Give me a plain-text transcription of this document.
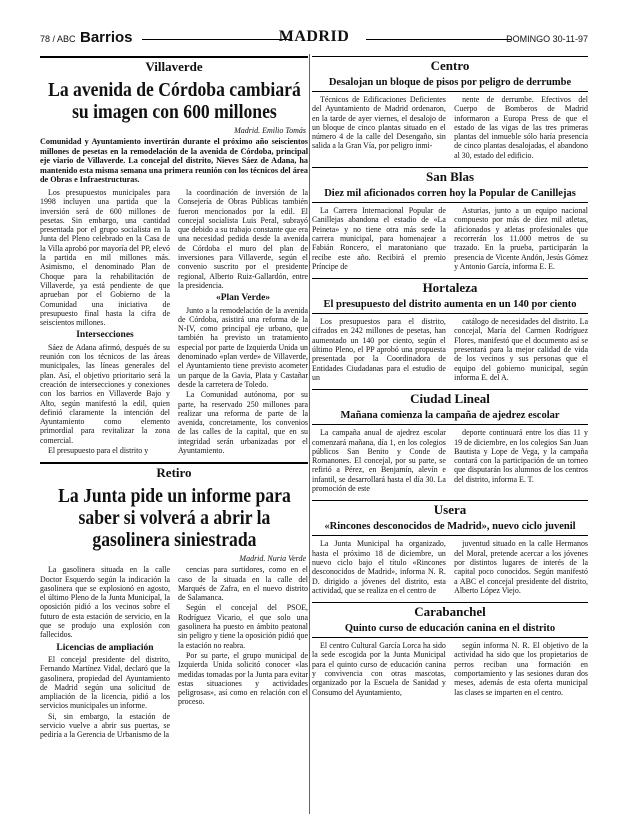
78 / ABC Barrios	MADRID	DOMINGO 30-11-97
Villaverde
La avenida de Córdoba cambiará su imagen con 600 millones
Madrid. Emilio Tomás

Comunidad y Ayuntamiento invertirán durante el próximo año seiscientos millones de pesetas en la remodelación de la avenida de Córdoba, principal eje viario de Villaverde. La concejal del distrito, Nieves Sáez de Adana, ha mantenido esta misma semana una primera reunión con los técnicos del área de Obras e Infraestructuras.

Los presupuestos municipales para 1998 incluyen una partida que la inversión será de 600 millones de pesetas. Sin embargo, una cantidad presentada por el grupo socialista en la Junta del Pleno celebrado en la Casa de la Villa aprobó por mayoría del PP, elevó la partida en mil millones más. Asimismo, el denominado Plan de Choque para la rehabilitación de Villaverde, ya está pendiente de que aprueban por el Gobierno de la Comunidad una iniciativa de presupuesto final hasta la cifra de seiscientos millones.

Intersecciones

Sáez de Adana afirmó, después de su reunión con los técnicos de las áreas municipales, las líneas generales del plan. Así, el objetivo prioritario será la creación de intersecciones y conexiones con los barrios en Villaverde Bajo y Alto, según manifestó la edil, quien definió claramente la intención del Ayuntamiento como elemento primordial para revitalizar la zona comercial.

El presupuesto para el distrito y

la coordinación de inversión de la Consejería de Obras Públicas también fueron mencionados por la edil. El concejal socialista Luis Peral, subrayó que debido a su trabajo constante que era una necesidad pedida desde la avenida de Córdoba el muro del plan de inversiones para Villaverde, según el convenio suscrito por el presidente regional, Alberto Ruiz-Gallardón, entre la presidencia.

«Plan Verde»

Junto a la remodelación de la avenida de Córdoba, asistirá una reforma de la N-IV, como principal eje urbano, que también ha previsto un tratamiento especial por parte de Izquierda Unida un denominado «plan verde» de Villaverde, el Ayuntamiento tiene previsto acometer un parque de la Gavia, Plata y Castañar desde la carretera de Toledo.

La Comunidad autónoma, por su parte, ha reservado 250 millones para realizar una reforma de parte de la avenida, concretamente, los convenios de las calles de la capital, que en su integridad serán urbanizadas por el Ayuntamiento.

Retiro
La Junta pide un informe para saber si volverá a abrir la gasolinera siniestrada
Madrid. Nuria Verde

La gasolinera situada en la calle Doctor Esquerdo según la indicación la gasolinera que se explosionó en agosto, el último Pleno de la Junta Municipal, la oposición pidió a los vecinos sobre el futuro de esta estación de servicio, en la que se produjo una explosión con fallecidos.

Licencias de ampliación

El concejal presidente del distrito, Fernando Martínez Vidal, declaró que la gasolinera, propiedad del Ayuntamiento de Madrid según una solicitud de ampliación de la licencia, pidió a los servicios municipales un informe.

Si, sin embargo, la estación de servicio vuelve a abrir sus puertas, se pediría a la Gerencia de Urbanismo de la

cencias para surtidores, como en el caso de la situada en la calle del Marqués de Zafra, en el nuevo distrito de Salamanca.

Según el concejal del PSOE, Rodríguez Vicario, el que solo una gasolinera ha puesto en ámbito peatonal sin peligro y tiene la oposición pidió que la estación no reabra.

Por su parte, el grupo municipal de Izquierda Unida solicitó conocer «las medidas tomadas por la Junta para evitar estas situaciones y actividades peligrosas», así como en relación con el proceso.

Centro
Desalojan un bloque de pisos por peligro de derrumbe

Técnicos de Edificaciones Deficientes del Ayuntamiento de Madrid ordenaron, en la tarde de ayer viernes, el desalojo de un bloque de cinco plantas situado en el número 4 de la calle del Desengaño, sin salida a la Gran Vía, por peligro inmi-

nente de derrumbe. Efectivos del Cuerpo de Bomberos de Madrid informaron a Europa Press de que el estado de las vigas de las tres primeras plantas del inmueble sólo haría presencia de cinco plantas desalojadas, el abandono al 30, estado del edificio.

San Blas
Diez mil aficionados corren hoy la Popular de Canillejas

La Carrera Internacional Popular de Canillejas abandona el estadio de «La Peineta» y no tiene otra más sede la carrera municipal, para homenajear a Fabián Roncero, el maratoniano que recibe este año. Recibirá el premio Príncipe de

Asturias, junto a un equipo nacional compuesto por más de diez mil atletas, aficionados y atletas profesionales que recorrerán los 11.000 metros de su trazado. En la prueba, participarán la presencia de Vicente Andón, Jesús Gómez y Antonio García, informa E. E.

Hortaleza
El presupuesto del distrito aumenta en un 140 por ciento

Los presupuestos para el distrito, cifrados en 242 millones de pesetas, han aumentado un 140 por ciento, según el último Pleno, el PP aprobó una propuesta presentada por la Coordinadora de Entidades Ciudadanas para el estudio de un

catálogo de necesidades del distrito. La concejal, María del Carmen Rodríguez Flores, manifestó que el documento así se presentará para la mejor calidad de vida de los vecinos y sus personas que el equipo del gobierno municipal, según informa E. del A.

Ciudad Lineal
Mañana comienza la campaña de ajedrez escolar

La campaña anual de ajedrez escolar comenzará mañana, día 1, en los colegios públicos San Benito y Conde de Romanones. El concejal, por su parte, se refirió a Pérez, en Benjamín, alevín e infantil, se desarrollará hasta el día 30. La promoción de este

deporte continuará entre los días 11 y 19 de diciembre, en los colegios San Juan Bautista y Lope de Vega, y la campaña contará con la participación de un torneo que disputarán los alumnos de los centros del distrito, informa E. T.

Usera
«Rincones desconocidos de Madrid», nuevo ciclo juvenil

La Junta Municipal ha organizado, hasta el próximo 18 de diciembre, un nuevo ciclo bajo el título «Rincones desconocidos de Madrid», informa N. R. D. dirigido a jóvenes del distrito, esta actividad, que se realiza en el centro de

juventud situado en la calle Hermanos del Moral, pretende acercar a los jóvenes por distintos lugares de interés de la capital poco conocidos. Según manifestó a ABC el concejal presidente del distrito, Alberto López Viejo.

Carabanchel
Quinto curso de educación canina en el distrito

El centro Cultural García Lorca ha sido la sede escogida por la Junta Municipal para el quinto curso de educación canina y convivencia con otras mascotas, organizado por la Escuela de Sanidad y Consumo del Ayuntamiento,

según informa N. R. El objetivo de la actividad ha sido que los propietarios de perros reciban una formación en comportamiento y las sesiones duran dos meses, además de esta oferta municipal las clases se imparten en el centro.
